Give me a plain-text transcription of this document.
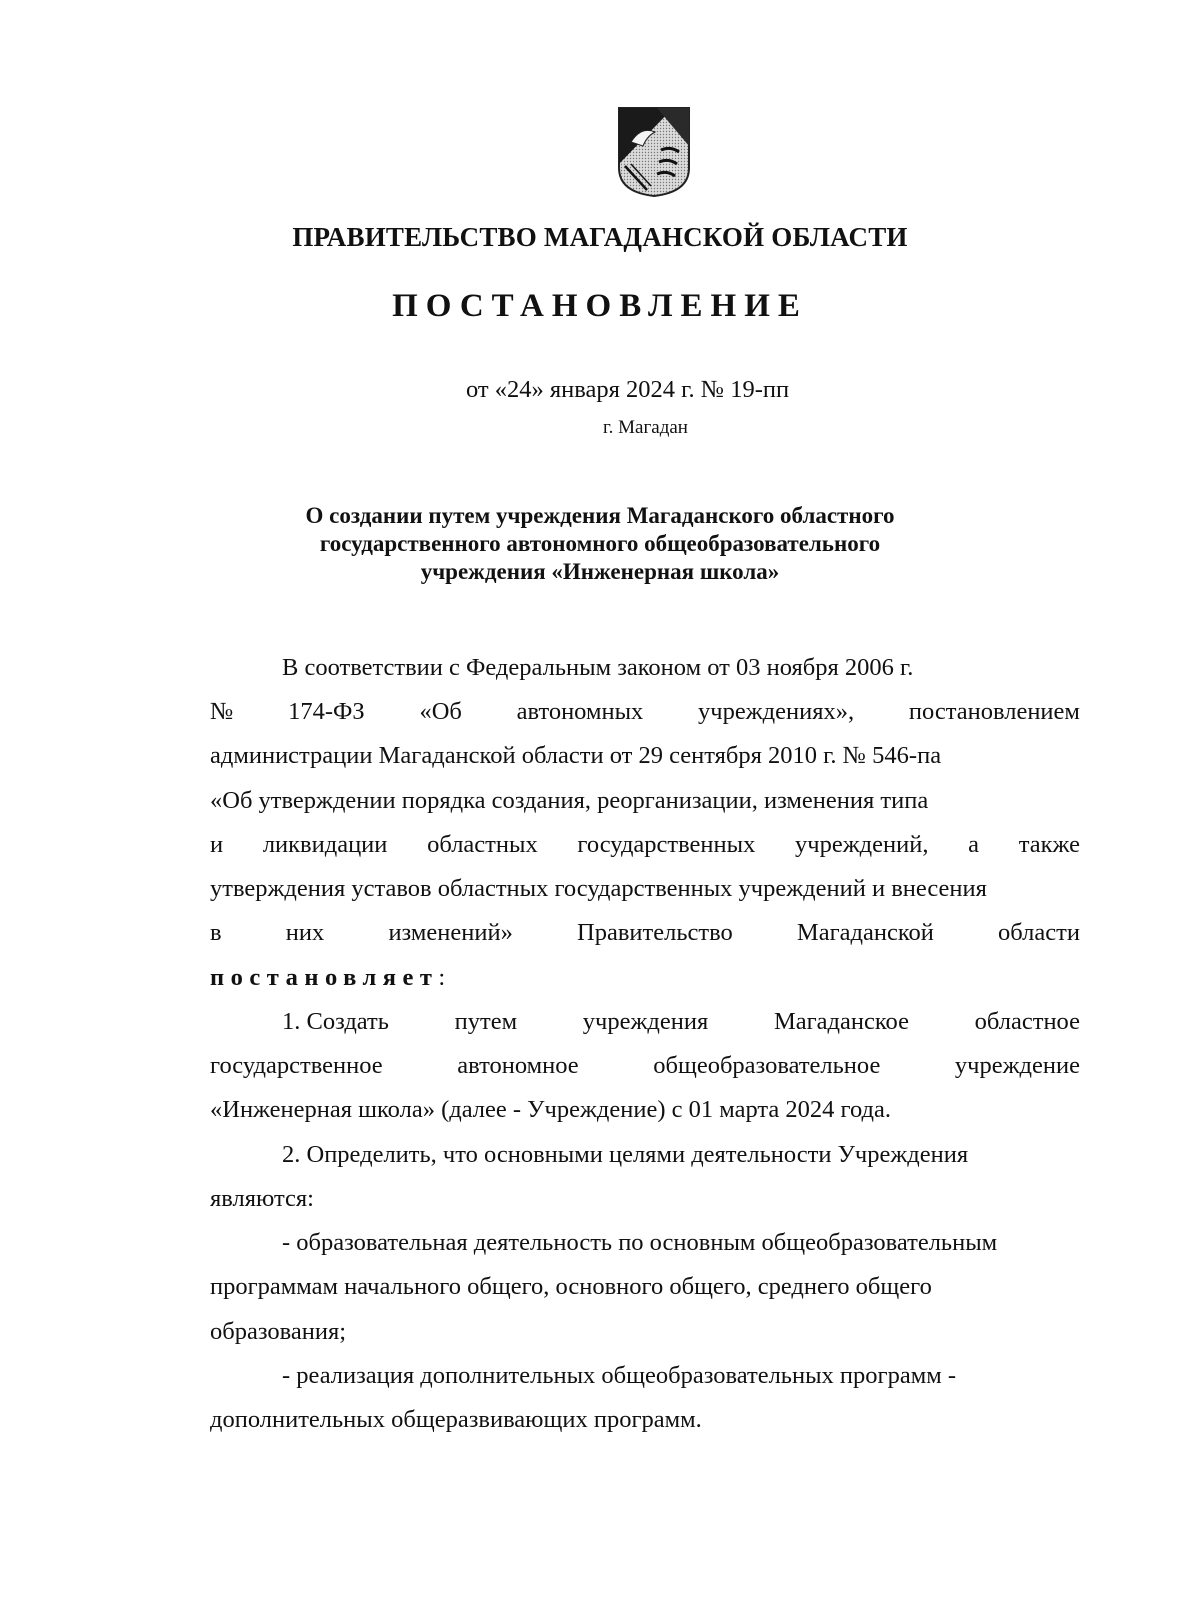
ПРАВИТЕЛЬСТВО МАГАДАНСКОЙ ОБЛАСТИ
ПОСТАНОВЛЕНИЕ
от «24» января 2024 г. № 19-пп
г. Магадан
О создании путем учреждения Магаданского областного
государственного автономного общеобразовательного
учреждения «Инженерная школа»
В соответствии с Федеральным законом от 03 ноября 2006 г.
№ 174-ФЗ «Об автономных учреждениях», постановлением
администрации Магаданской области от 29 сентября 2010 г. № 546-па
«Об утверждении порядка создания, реорганизации, изменения типа
и ликвидации областных государственных учреждений, а также
утверждения уставов областных государственных учреждений и внесения
в	них	изменений»	Правительство	Магаданской	области
постановляет:
1. Создать	путем	учреждения	Магаданское	областное
государственное	автономное	общеобразовательное	учреждение
«Инженерная школа» (далее - Учреждение) с 01 марта 2024 года.
2. Определить, что основными целями деятельности Учреждения
являются:
- образовательная деятельность по основным общеобразовательным
программам начального общего, основного общего, среднего общего
образования;
- реализация дополнительных общеобразовательных программ -
дополнительных общеразвивающих программ.
